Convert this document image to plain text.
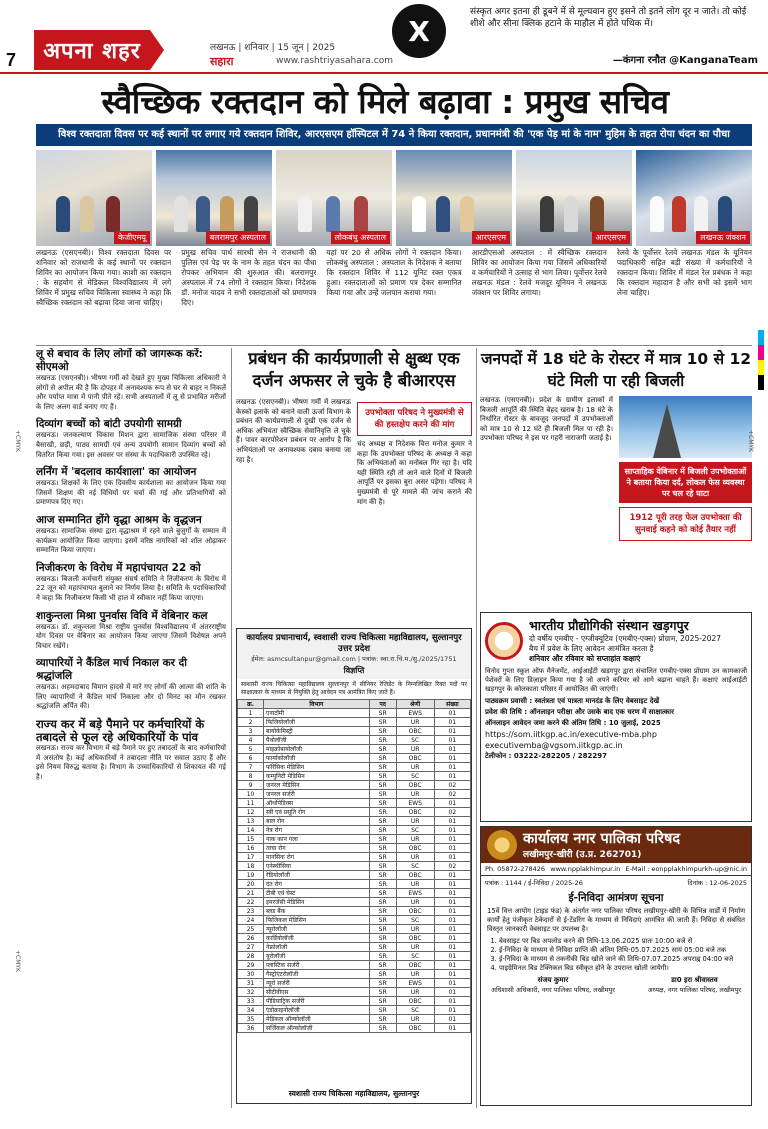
7	अपना शहर	लखनऊ | शनिवार | 15 जून | 2025
सहारा	www.rashtriyasahara.com
X
संस्कृत अगर इतना ही डूबने में से मूल्यवान हुए इसने तो इतने लोग दूर न जाते। तो कोई शीशे और सीना क्लिक हटाने के माहौल में होते पथिक में।
—कंगना रनौत @KanganaTeam
स्वैच्छिक रक्तदान को मिले बढ़ावा : प्रमुख सचिव
विश्व रक्तदाता दिवस पर कई स्थानों पर लगाए गये रक्तदान शिविर, आरएसएम हॉस्पिटल में 74 ने किया रक्तदान, प्रधानमंत्री की 'एक पेड़ मां के नाम' मुहिम के तहत रोपा चंदन का पौधा
केजीएमयू	बलरामपुर अस्पताल	लोकबंधु अस्पताल	आरएसएम	आरएसएम	लखनऊ जंक्शन
लखनऊ (एसएनबी)। विश्व रक्तदाता दिवस पर शनिवार को राजधानी के कई स्थानों पर रक्तदान शिविर का आयोजन किया गया। काशी का रक्तदान : के सहयोग से मेडिकल विश्वविद्यालय में लगे शिविर में प्रमुख सचिव चिकित्सा स्वास्थ्य ने कहा कि स्वैच्छिक रक्तदान को बढ़ावा दिया जाना चाहिए।
प्रमुख सचिव पार्थ सारथी सेन ने राजधानी की पुलिस एवं पेड़ पर के नाम के तहत चंदन का पौधा रोपकर अभियान की शुरुआत की। बलरामपुर अस्पताल में 74 लोगों ने रक्तदान किया। निदेशक डॉ. मनोज यादव ने सभी रक्तदाताओं को प्रमाणपत्र दिए।
यहां पर 20 से अधिक लोगों ने रक्तदान किया। लोकबंधु अस्पताल : अस्पताल के निदेशक ने बताया कि रक्तदान शिविर में 112 यूनिट रक्त एकत्र हुआ। रक्तदाताओं को प्रमाण पत्र देकर सम्मानित किया गया और उन्हें जलपान कराया गया।
आरडीएसओ अस्पताल : में स्वैच्छिक रक्तदान शिविर का आयोजन किया गया जिसमें अधिकारियों व कर्मचारियों ने उत्साह से भाग लिया। पूर्वोत्तर रेलवे लखनऊ मंडल : रेलवे मजदूर यूनियन ने लखनऊ जंक्शन पर शिविर लगाया।
रेलवे के पूर्वोत्तर रेलवे लखनऊ मंडल के यूनियन पदाधिकारी सहित बड़ी संख्या में कर्मचारियों ने रक्तदान किया। शिविर में मंडल रेल प्रबंधक ने कहा कि रक्तदान महादान है और सभी को इसमें भाग लेना चाहिए।
लू से बचाव के लिए लोगों को जागरूक करें: सीएमओ

लखनऊ (एसएनबी)। भीषण गर्मी को देखते हुए मुख्य चिकित्सा अधिकारी ने लोगों से अपील की है कि दोपहर में अनावश्यक रूप से घर से बाहर न निकलें और पर्याप्त मात्रा में पानी पीते रहें। सभी अस्पतालों में लू से प्रभावित मरीजों के लिए अलग वार्ड बनाए गए हैं।

दिव्यांग बच्चों को बांटी उपयोगी सामग्री

लखनऊ। जनकल्याण विकास मिशन द्वारा सामाजिक संस्था परिसर में बैसाखी, छड़ी, पाठ्य सामग्री एवं अन्य उपयोगी सामान दिव्यांग बच्चों को वितरित किया गया। इस अवसर पर संस्था के पदाधिकारी उपस्थित रहे।

लर्निंग में 'बदलाव कार्यशाला' का आयोजन

लखनऊ। शिक्षकों के लिए एक दिवसीय कार्यशाला का आयोजन किया गया जिसमें शिक्षण की नई विधियों पर चर्चा की गई और प्रतिभागियों को प्रमाणपत्र दिए गए।

आज सम्मानित होंगे वृद्धा आश्रम के वृद्धजन

लखनऊ। सामाजिक संस्था द्वारा वृद्धाश्रम में रहने वाले बुजुर्गों के सम्मान में कार्यक्रम आयोजित किया जाएगा। इसमें वरिष्ठ नागरिकों को शॉल ओढ़ाकर सम्मानित किया जाएगा।

निजीकरण के विरोध में महापंचायत 22 को

लखनऊ। बिजली कर्मचारी संयुक्त संघर्ष समिति ने निजीकरण के विरोध में 22 जून को महापंचायत बुलाने का निर्णय लिया है। समिति के पदाधिकारियों ने कहा कि निजीकरण किसी भी हाल में स्वीकार नहीं किया जाएगा।

शाकुन्तला मिश्रा पुनर्वास विवि में वेबिनार कल

लखनऊ। डॉ. शकुन्तला मिश्रा राष्ट्रीय पुनर्वास विश्वविद्यालय में अंतरराष्ट्रीय योग दिवस पर वेबिनार का आयोजन किया जाएगा जिसमें विशेषज्ञ अपने विचार रखेंगे।

व्यापारियों ने कैंडिल मार्च निकाल कर दी श्रद्धांजलि

लखनऊ। अहमदाबाद विमान हादसे में मारे गए लोगों की आत्मा की शांति के लिए व्यापारियों ने कैंडिल मार्च निकाला और दो मिनट का मौन रखकर श्रद्धांजलि अर्पित की।

राज्य कर में बड़े पैमाने पर कर्मचारियों के तबादले से फूल रहे अधिकारियों के पांव

लखनऊ। राज्य कर विभाग में बड़े पैमाने पर हुए तबादलों के बाद कर्मचारियों में असंतोष है। कई अधिकारियों ने तबादला नीति पर सवाल उठाए हैं और इसे नियम विरुद्ध बताया है। विभाग के उच्चाधिकारियों से शिकायत की गई है।

प्रबंधन की कार्यप्रणाली से क्षुब्ध एक दर्जन अफसर ले चुके है बीआरएस
लखनऊ (एसएनबी)। भीषण गर्मी में लखनऊ केस्को इलाके को बनाने वाली ऊर्जा विभाग के प्रबंधन की कार्यप्रणाली से दुखी एक दर्जन से अधिक अभियंता स्वैच्छिक सेवानिवृत्ति ले चुके हैं। पावर कारपोरेशन प्रबंधन पर आरोप है कि अभियंताओं पर अनावश्यक दबाव बनाया जा रहा है।
उपभोक्ता परिषद ने मुख्यमंत्री से की हस्तक्षेप करने की मांग
चंद अध्यक्ष व निदेशक वित्त मनोज कुमार ने कहा कि उपभोक्ता परिषद के अध्यक्ष ने कहा कि अभियंताओं का मनोबल गिर रहा है। यदि यही स्थिति रही तो आने वाले दिनों में बिजली आपूर्ति पर इसका बुरा असर पड़ेगा। परिषद ने मुख्यमंत्री से पूरे मामले की जांच कराने की मांग की है।
जनपदों में 18 घंटे के रोस्टर में मात्र 10 से 12 घंटे मिली पा रही बिजली
लखनऊ (एसएनबी)। प्रदेश के ग्रामीण इलाकों में बिजली आपूर्ति की स्थिति बेहद खराब है। 18 घंटे के निर्धारित रोस्टर के बावजूद जनपदों में उपभोक्ताओं को मात्र 10 से 12 घंटे ही बिजली मिल पा रही है। उपभोक्ता परिषद ने इस पर गहरी नाराजगी जताई है।
साप्ताहिक वेबिनार में बिजली उपभोक्ताओं ने बताया किया दर्द, लोकल फेस व्यवस्था पर चल रहे घाटा
1912 पूरी तरह फेल उपभोक्ता की सुनवाई कहने को कोई तैयार नहीं
कार्यालय प्रधानाचार्य, स्वशासी राज्य चिकित्सा महाविद्यालय, सुल्तानपुर उत्तर प्रदेश
ईमेल: asmcsultanpur@gmail.com | पत्रांक: स्वा.रा.चि.म./सु./2025/1751
विज्ञप्ति
स्वशासी राज्य चिकित्सा महाविद्यालय सुल्तानपुर में सीनियर रेजिडेंट के निम्नलिखित रिक्त पदों पर साक्षात्कार के माध्यम से नियुक्ति हेतु आवेदन पत्र आमंत्रित किए जाते हैं।
क्र.	विभाग	पद	श्रेणी	संख्या
1	एनाटॉमी	SR	EWS	01
2	फिजियोलॉजी	SR	UR	01
3	बायोकेमिस्ट्री	SR	OBC	01
4	पैथोलॉजी	SR	SC	01
5	माइक्रोबायोलॉजी	SR	UR	01
6	फार्माकोलॉजी	SR	OBC	01
7	फॉरेंसिक मेडिसिन	SR	UR	01
8	कम्युनिटी मेडिसिन	SR	SC	01
9	जनरल मेडिसिन	SR	OBC	02
10	जनरल सर्जरी	SR	UR	02
11	ऑर्थोपेडिक्स	SR	EWS	01
12	स्त्री एवं प्रसूति रोग	SR	OBC	02
13	बाल रोग	SR	UR	01
14	नेत्र रोग	SR	SC	01
15	नाक कान गला	SR	UR	01
16	त्वचा रोग	SR	OBC	01
17	मानसिक रोग	SR	UR	01
18	एनेस्थीसिया	SR	SC	02
19	रेडियोलॉजी	SR	OBC	01
20	दंत रोग	SR	UR	01
21	टीबी एवं चेस्ट	SR	EWS	01
22	इमरजेंसी मेडिसिन	SR	UR	01
23	ब्लड बैंक	SR	OBC	01
24	फिजिकल मेडिसिन	SR	SC	01
25	न्यूरोलॉजी	SR	UR	01
26	कार्डियोलॉजी	SR	OBC	01
27	नेफ्रोलॉजी	SR	UR	01
28	यूरोलॉजी	SR	SC	01
29	प्लास्टिक सर्जरी	SR	OBC	01
30	गैस्ट्रोएंटरोलॉजी	SR	UR	01
31	न्यूरो सर्जरी	SR	EWS	01
32	सीटीवीएस	SR	UR	01
33	पीडियाट्रिक सर्जरी	SR	OBC	01
34	एंडोक्राइनोलॉजी	SR	SC	01
35	मेडिकल ऑन्कोलॉजी	SR	UR	01
36	सर्जिकल ऑन्कोलॉजी	SR	OBC	01
स्वशासी राज्य चिकित्सा महाविद्यालय, सुल्तानपुर
भारतीय प्रौद्योगिकी संस्थान खड़गपुर
दो वर्षीय एमबीए - एग्जीक्यूटिव (एमबीए-एक्स) प्रोग्राम, 2025-2027
बैच में प्रवेश के लिए आवेदन आमंत्रित करता है
शनिवार और रविवार को सप्ताहांत कक्षाएं

विनोद गुप्ता स्कूल ऑफ मैनेजमेंट, आईआईटी खड़गपुर द्वारा संचालित एमबीए-एक्स प्रोग्राम उन कामकाजी पेशेवरों के लिए डिज़ाइन किया गया है जो अपने करियर को आगे बढ़ाना चाहते हैं। कक्षाएं आईआईटी खड़गपुर के कोलकाता परिसर में आयोजित की जाएंगी।

पाठ्यक्रम प्रवासी : स्वतंत्रता एवं पात्रता मानदंड के लिए वेबसाइट देखें
प्रवेश की तिथि : ऑनलाइन परीक्षा और उसके बाद एक चरण में साक्षात्कार
ऑनलाइन आवेदन जमा करने की अंतिम तिथि : 10 जुलाई, 2025
https://som.iitkgp.ac.in/executive-mba.php
executivemba@vgsom.iitkgp.ac.in
टेलीफोन : 03222-282205 / 282297
कार्यालय नगर पालिका परिषद
लखीमपुर-खीरी (उ.प्र. 262701)
Ph. 05872-278426 www.npplakhimpur.in E-Mail : eonpplakhimpurkh-up@nic.in
पत्रांक : 1144 / ई-निविदा / 2025-26	दिनांक : 12-06-2025
ई-निविदा आमंत्रण सूचना

15वें वित्त आयोग (टाइड फंड) के अंतर्गत नगर पालिका परिषद लखीमपुर-खीरी के विभिन्न वार्डों में निर्माण कार्यों हेतु पंजीकृत ठेकेदारों से ई-टेंडरिंग के माध्यम से निविदाएं आमंत्रित की जाती हैं। निविदा से संबंधित विस्तृत जानकारी वेबसाइट पर उपलब्ध है।

1. बेवसाइट पर बिड अपलोड करने की तिथि-13.06.2025 प्रातः 10:00 बजे से
2. ई-निविदा के माध्यम से निविदा प्राप्ति की अंतिम तिथि-05.07.2025 सायं 05:00 बजे तक
3. ई-निविदा के माध्यम से तकनीकी बिड खोले जाने की तिथि-07.07.2025 अपराह्न 04:00 बजे
4. पाइग्रेमिनल बिड टेक्निकल बिड स्वीकृत होने के उपरान्त खोली जायेगी।
संजय कुमार
अधिशासी अधिकारी, नगर पालिका परिषद, लखीमपुर
डा0 इरा श्रीवास्तव
अध्यक्ष, नगर पालिका परिषद, लखीमपुर
+CMYK	+CMYK
+CMYK
